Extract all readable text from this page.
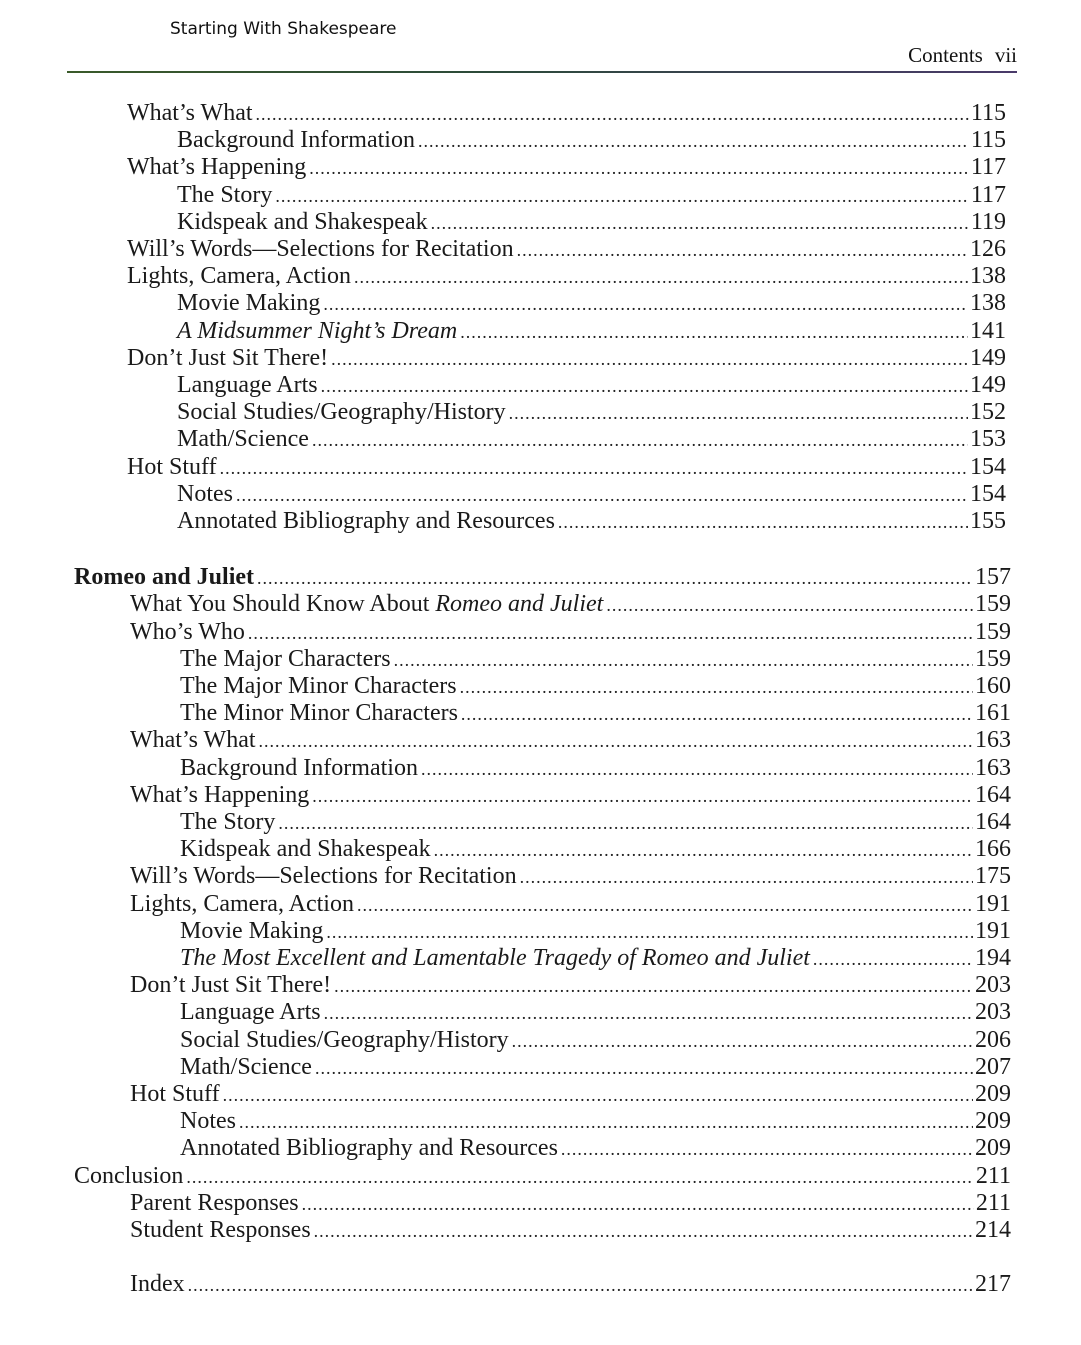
Starting With Shakespeare
Contents vii
What’s What .....	115
Background Information .....	115
What’s Happening .....	117
The Story .....	117
Kidspeak and Shakespeak .....	119
Will’s Words—Selections for Recitation .....	126
Lights, Camera, Action .....	138
Movie Making .....	138
A Midsummer Night’s Dream .....	141
Don’t Just Sit There! .....	149
Language Arts .....	149
Social Studies/Geography/History .....	152
Math/Science .....	153
Hot Stuff .....	154
Notes .....	154
Annotated Bibliography and Resources .....	155
Romeo and Juliet .....	157
What You Should Know About Romeo and Juliet .....	159
Who’s Who .....	159
The Major Characters .....	159
The Major Minor Characters .....	160
The Minor Minor Characters .....	161
What’s What .....	163
Background Information .....	163
What’s Happening .....	164
The Story .....	164
Kidspeak and Shakespeak .....	166
Will’s Words—Selections for Recitation .....	175
Lights, Camera, Action .....	191
Movie Making .....	191
The Most Excellent and Lamentable Tragedy of Romeo and Juliet .....	194
Don’t Just Sit There! .....	203
Language Arts .....	203
Social Studies/Geography/History .....	206
Math/Science .....	207
Hot Stuff .....	209
Notes .....	209
Annotated Bibliography and Resources .....	209
Conclusion .....	211
Parent Responses .....	211
Student Responses .....	214
Index .....	217
